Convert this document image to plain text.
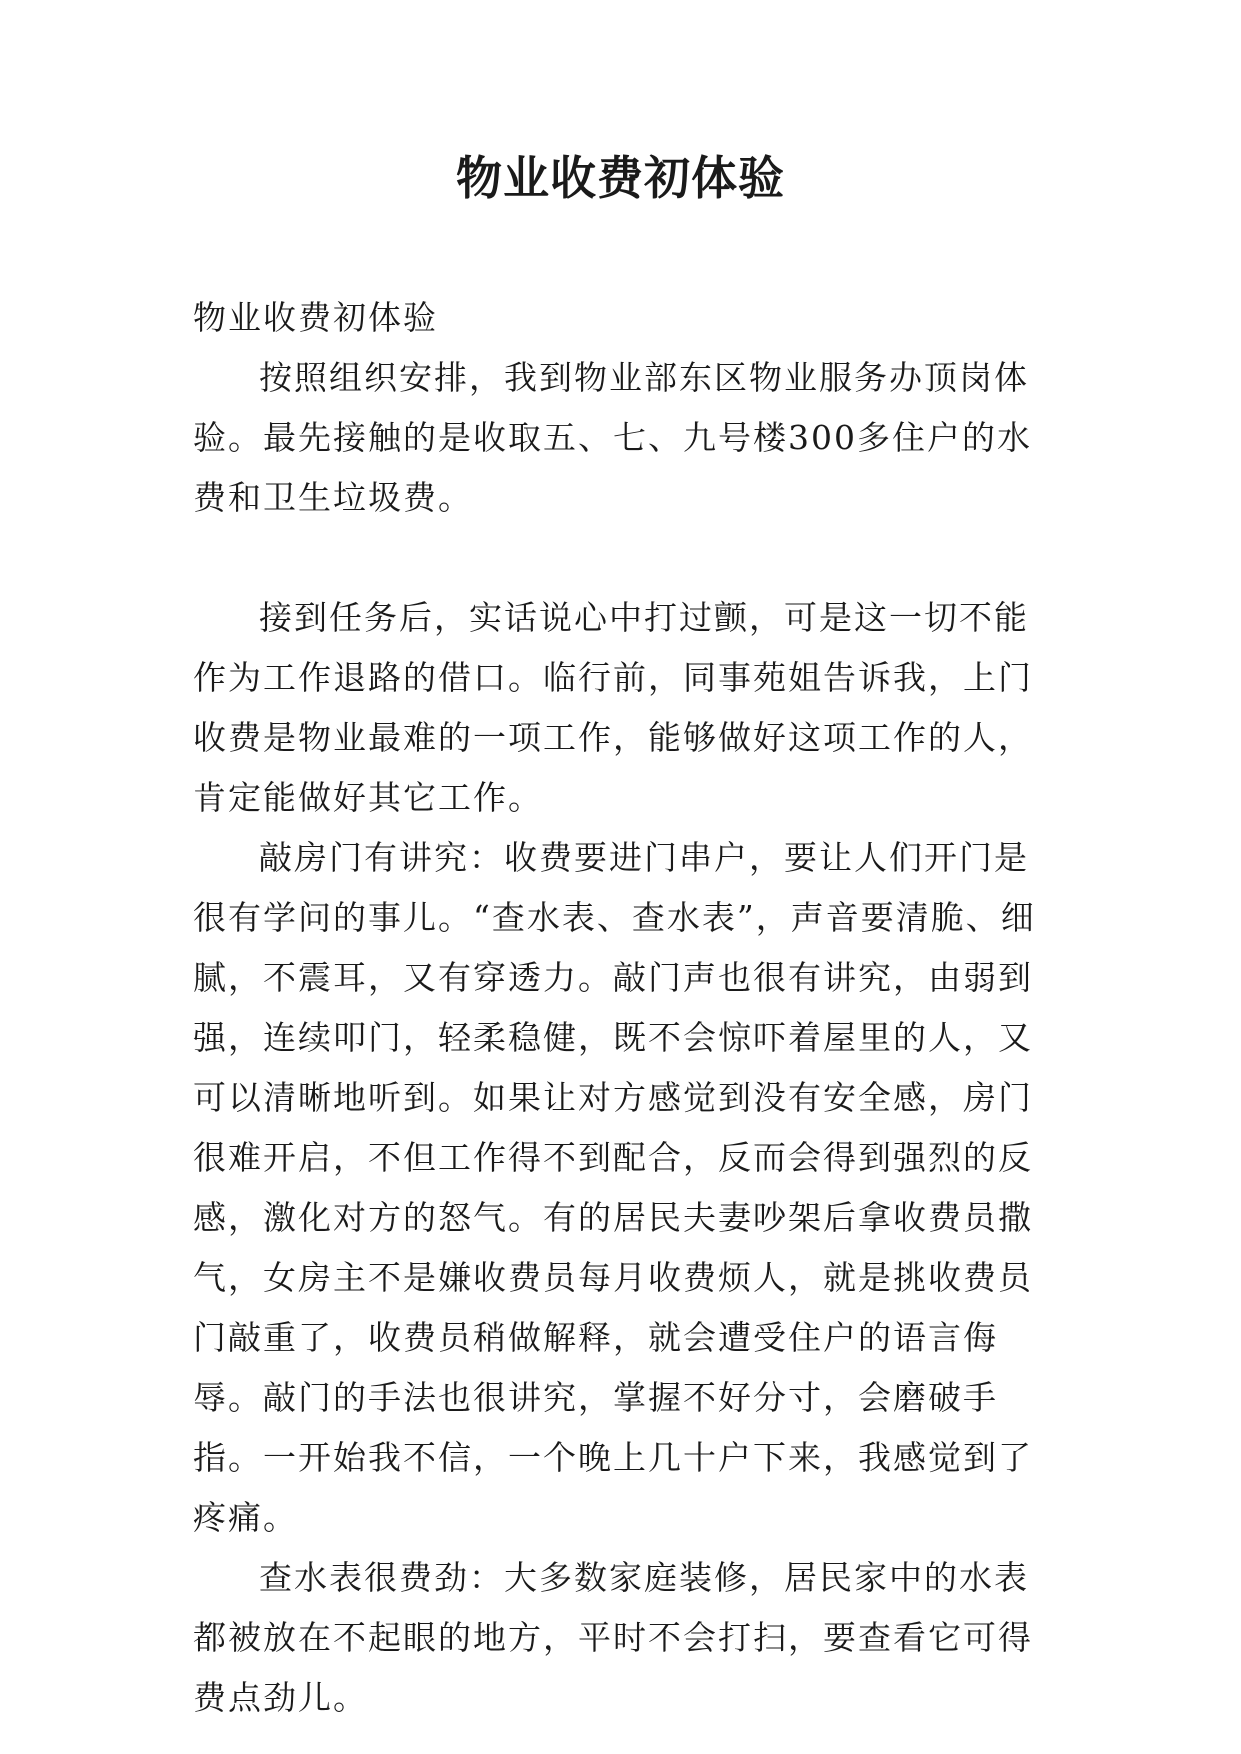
物业收费初体验

物业收费初体验

按照组织安排，我到物业部东区物业服务办顶岗体验。最先接触的是收取五、七、九号楼300多住户的水费和卫生垃圾费。

接到任务后，实话说心中打过颤，可是这一切不能作为工作退路的借口。临行前，同事苑姐告诉我，上门收费是物业最难的一项工作，能够做好这项工作的人，肯定能做好其它工作。

敲房门有讲究：收费要进门串户，要让人们开门是很有学问的事儿。“查水表、查水表”，声音要清脆、细腻，不震耳，又有穿透力。敲门声也很有讲究，由弱到强，连续叩门，轻柔稳健，既不会惊吓着屋里的人，又可以清晰地听到。如果让对方感觉到没有安全感，房门很难开启，不但工作得不到配合，反而会得到强烈的反感，激化对方的怒气。有的居民夫妻吵架后拿收费员撒气，女房主不是嫌收费员每月收费烦人，就是挑收费员门敲重了，收费员稍做解释，就会遭受住户的语言侮辱。敲门的手法也很讲究，掌握不好分寸，会磨破手指。一开始我不信，一个晚上几十户下来，我感觉到了疼痛。

查水表很费劲：大多数家庭装修，居民家中的水表都被放在不起眼的地方，平时不会打扫，要查看它可得费点劲儿。
